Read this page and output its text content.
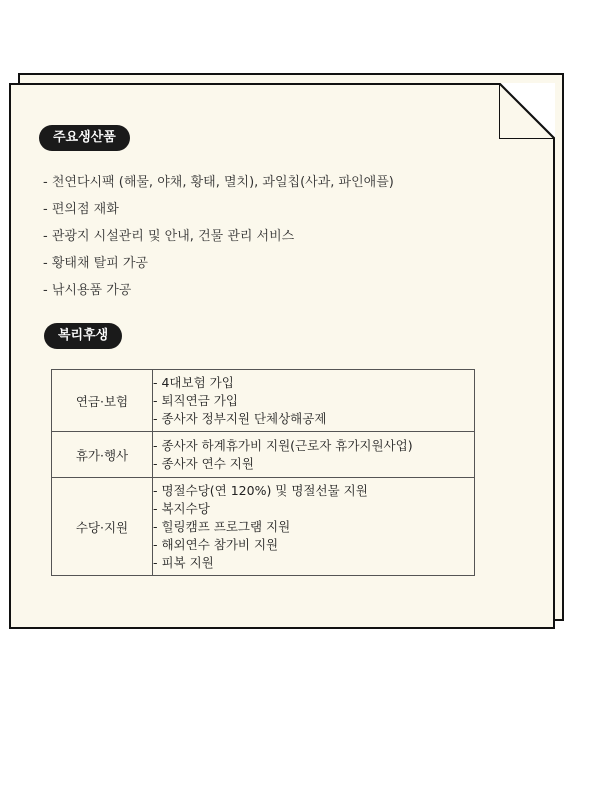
주요생산품
- 천연다시팩 (해물, 야채, 황태, 멸치), 과일칩(사과, 파인애플)
- 편의점 재화
- 관광지 시설관리 및 안내, 건물 관리 서비스
- 황태채 탈피 가공
- 낚시용품 가공
복리후생
연금·보험	- 4대보험 가입
- 퇴직연금 가입
- 종사자 정부지원 단체상해공제

휴가·행사	- 종사자 하계휴가비 지원(근로자 휴가지원사업)
- 종사자 연수 지원

수당·지원	- 명절수당(연 120%) 및 명절선물 지원
- 복지수당
- 힐링캠프 프로그램 지원
- 해외연수 참가비 지원
- 피복 지원
